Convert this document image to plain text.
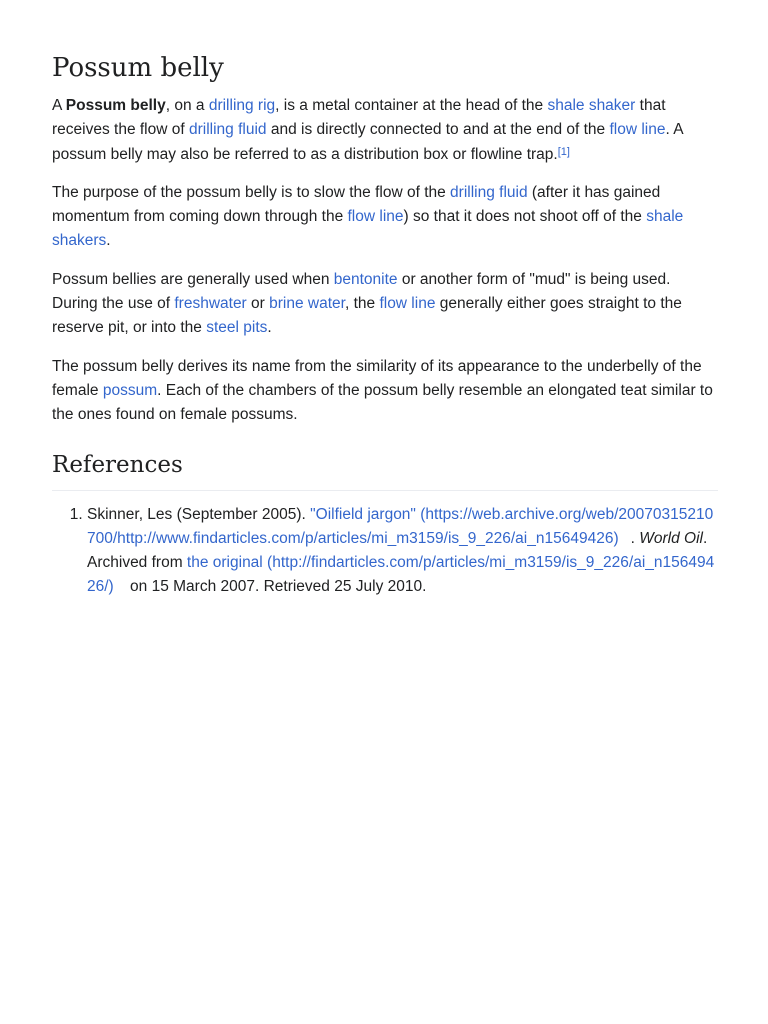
Possum belly

A Possum belly, on a drilling rig, is a metal container at the head of the shale shaker that receives the flow of drilling fluid and is directly connected to and at the end of the flow line. A possum belly may also be referred to as a distribution box or flowline trap.[1]

The purpose of the possum belly is to slow the flow of the drilling fluid (after it has gained momentum from coming down through the flow line) so that it does not shoot off of the shale shakers.

Possum bellies are generally used when bentonite or another form of "mud" is being used. During the use of freshwater or brine water, the flow line generally either goes straight to the reserve pit, or into the steel pits.

The possum belly derives its name from the similarity of its appearance to the underbelly of the female possum. Each of the chambers of the possum belly resemble an elongated teat similar to the ones found on female possums.

References
1. Skinner, Les (September 2005). "Oilfield jargon" (https://web.archive.org/web/20070315210700/http://www.findarticles.com/p/articles/mi_m3159/is_9_226/ai_n15649426) . World Oil. Archived from the original (http://findarticles.com/p/articles/mi_m3159/is_9_226/ai_n15649426/) on 15 March 2007. Retrieved 25 July 2010.
